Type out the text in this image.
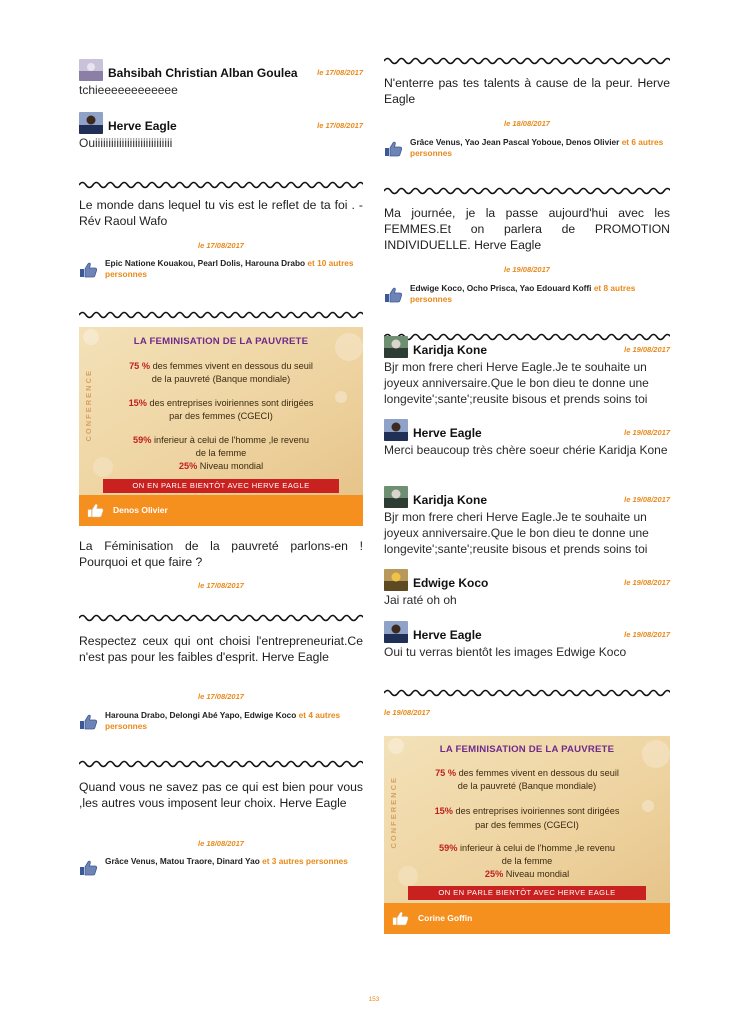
Bahsibah Christian Alban Goulea	le 17/08/2017
tchieeeeeeeeeeee
Herve Eagle	le 17/08/2017
Ouiiiiiiiiiiiiiiiiiiiiiiiiiiiii
Le monde dans lequel tu vis est le reflet de ta foi . -Rév Raoul Wafo
le 17/08/2017
Epic Natione Kouakou, Pearl Dolis, Harouna Drabo et 10 autres personnes
CONFERENCE
LA FEMINISATION DE LA PAUVRETE
75 % des femmes vivent en dessous du seuil
de la pauvreté (Banque mondiale)
15% des entreprises ivoiriennes sont dirigées
par des femmes (CGECI)
59% inferieur à celui de l'homme ,le revenu
de la femme
25% Niveau mondial
ON EN PARLE BIENTÔT AVEC HERVE EAGLE
Denos Olivier
La Féminisation de la pauvreté parlons-en ! Pourquoi et que faire ?
le 17/08/2017
Respectez ceux qui ont choisi l'entrepreneuriat.Ce n'est pas pour les faibles d'esprit. Herve Eagle
le 17/08/2017
Harouna Drabo, Delongi Abé Yapo, Edwige Koco et 4 autres personnes
Quand vous ne savez pas ce qui est bien pour vous ,les autres vous imposent leur choix. Herve Eagle
le 18/08/2017
Grâce Venus, Matou Traore, Dinard Yao et 3 autres personnes
N'enterre pas tes talents à cause de la peur. Herve Eagle
le 18/08/2017
Grâce Venus, Yao Jean Pascal Yoboue, Denos Olivier et 6 autres personnes
Ma journée, je la passe aujourd'hui avec les FEMMES.Et on parlera de PROMOTION INDIVIDUELLE. Herve Eagle
le 19/08/2017
Edwige Koco, Ocho Prisca, Yao Edouard Koffi et 8 autres personnes
Karidja Kone	le 19/08/2017
Bjr mon frere cheri Herve Eagle.Je te souhaite un joyeux anniversaire.Que le bon dieu te donne une longevite';sante';reusite bisous et prends soins toi
Herve Eagle	le 19/08/2017
Merci beaucoup très chère soeur chérie Karidja Kone
Karidja Kone	le 19/08/2017
Bjr mon frere cheri Herve Eagle.Je te souhaite un joyeux anniversaire.Que le bon dieu te donne une longevite';sante';reusite bisous et prends soins toi
Edwige Koco	le 19/08/2017
Jai raté oh oh
Herve Eagle	le 19/08/2017
Oui tu verras bientôt les images Edwige Koco
le 19/08/2017
CONFERENCE
LA FEMINISATION DE LA PAUVRETE
75 % des femmes vivent en dessous du seuil
de la pauvreté (Banque mondiale)
15% des entreprises ivoiriennes sont dirigées
par des femmes (CGECI)
59% inferieur à celui de l'homme ,le revenu
de la femme
25% Niveau mondial
ON EN PARLE BIENTÔT AVEC HERVE EAGLE
Corine Goffin
153
